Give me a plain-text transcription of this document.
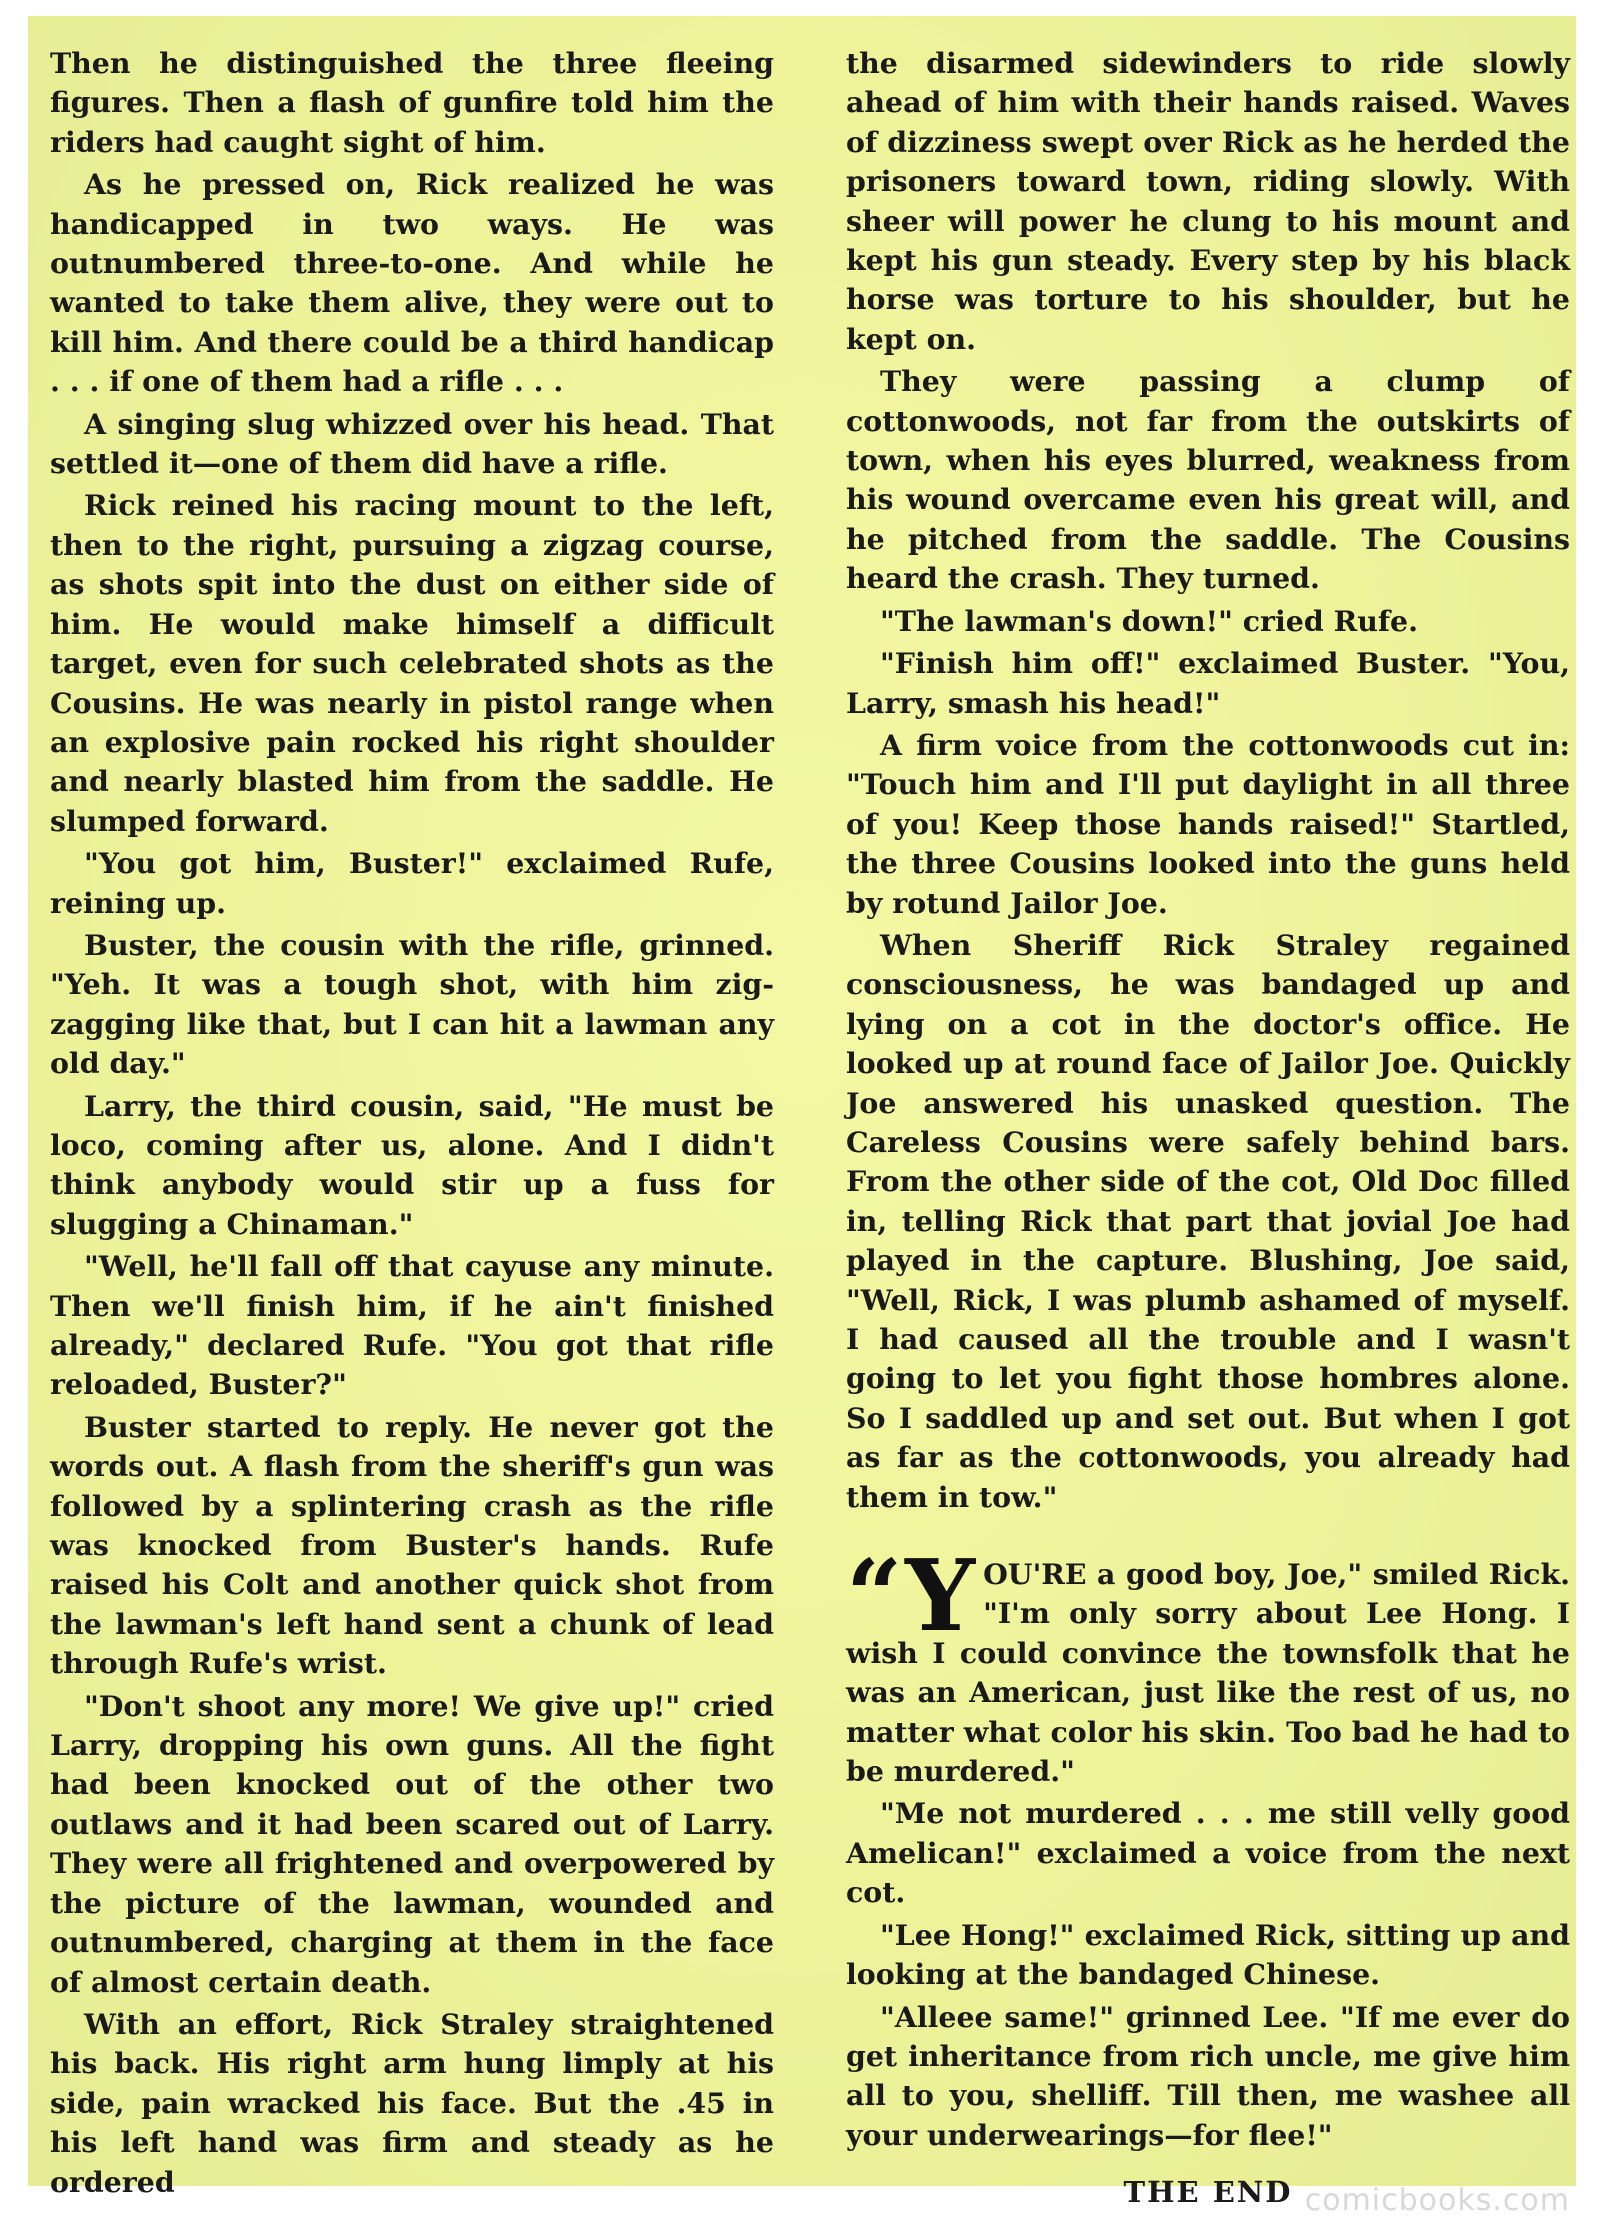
Then he distinguished the three fleeing figures. Then a flash of gunfire told him the riders had caught sight of him.

As he pressed on, Rick realized he was handicapped in two ways. He was outnumbered three-to-one. And while he wanted to take them alive, they were out to kill him. And there could be a third handicap . . . if one of them had a rifle . . .

A singing slug whizzed over his head. That settled it—one of them did have a rifle.

Rick reined his racing mount to the left, then to the right, pursuing a zigzag course, as shots spit into the dust on either side of him. He would make himself a difficult target, even for such celebrated shots as the Cousins. He was nearly in pistol range when an explosive pain rocked his right shoulder and nearly blasted him from the saddle. He slumped forward.

"You got him, Buster!" exclaimed Rufe, reining up.

Buster, the cousin with the rifle, grinned. "Yeh. It was a tough shot, with him zig-zagging like that, but I can hit a lawman any old day."

Larry, the third cousin, said, "He must be loco, coming after us, alone. And I didn't think anybody would stir up a fuss for slugging a Chinaman."

"Well, he'll fall off that cayuse any minute. Then we'll finish him, if he ain't finished already," declared Rufe. "You got that rifle reloaded, Buster?"

Buster started to reply. He never got the words out. A flash from the sheriff's gun was followed by a splintering crash as the rifle was knocked from Buster's hands. Rufe raised his Colt and another quick shot from the lawman's left hand sent a chunk of lead through Rufe's wrist.

"Don't shoot any more! We give up!" cried Larry, dropping his own guns. All the fight had been knocked out of the other two outlaws and it had been scared out of Larry. They were all frightened and overpowered by the picture of the lawman, wounded and outnumbered, charging at them in the face of almost certain death.

With an effort, Rick Straley straightened his back. His right arm hung limply at his side, pain wracked his face. But the .45 in his left hand was firm and steady as he ordered

the disarmed sidewinders to ride slowly ahead of him with their hands raised. Waves of dizziness swept over Rick as he herded the prisoners toward town, riding slowly. With sheer will power he clung to his mount and kept his gun steady. Every step by his black horse was torture to his shoulder, but he kept on.

They were passing a clump of cottonwoods, not far from the outskirts of town, when his eyes blurred, weakness from his wound overcame even his great will, and he pitched from the saddle. The Cousins heard the crash. They turned.

"The lawman's down!" cried Rufe.

"Finish him off!" exclaimed Buster. "You, Larry, smash his head!"

A firm voice from the cottonwoods cut in: "Touch him and I'll put daylight in all three of you! Keep those hands raised!" Startled, the three Cousins looked into the guns held by rotund Jailor Joe.

When Sheriff Rick Straley regained consciousness, he was bandaged up and lying on a cot in the doctor's office. He looked up at round face of Jailor Joe. Quickly Joe answered his unasked question. The Careless Cousins were safely behind bars. From the other side of the cot, Old Doc filled in, telling Rick that part that jovial Joe had played in the capture. Blushing, Joe said, "Well, Rick, I was plumb ashamed of myself. I had caused all the trouble and I wasn't going to let you fight those hombres alone. So I saddled up and set out. But when I got as far as the cottonwoods, you already had them in tow."

“Y OU'RE a good boy, Joe," smiled Rick. "I'm only sorry about Lee Hong. I wish I could convince the townsfolk that he was an American, just like the rest of us, no matter what color his skin. Too bad he had to be murdered."

"Me not murdered . . . me still velly good Amelican!" exclaimed a voice from the next cot.

"Lee Hong!" exclaimed Rick, sitting up and looking at the bandaged Chinese.

"Alleee same!" grinned Lee. "If me ever do get inheritance from rich uncle, me give him all to you, shelliff. Till then, me washee all your underwearings—for flee!"

THE END comicbooks.com
